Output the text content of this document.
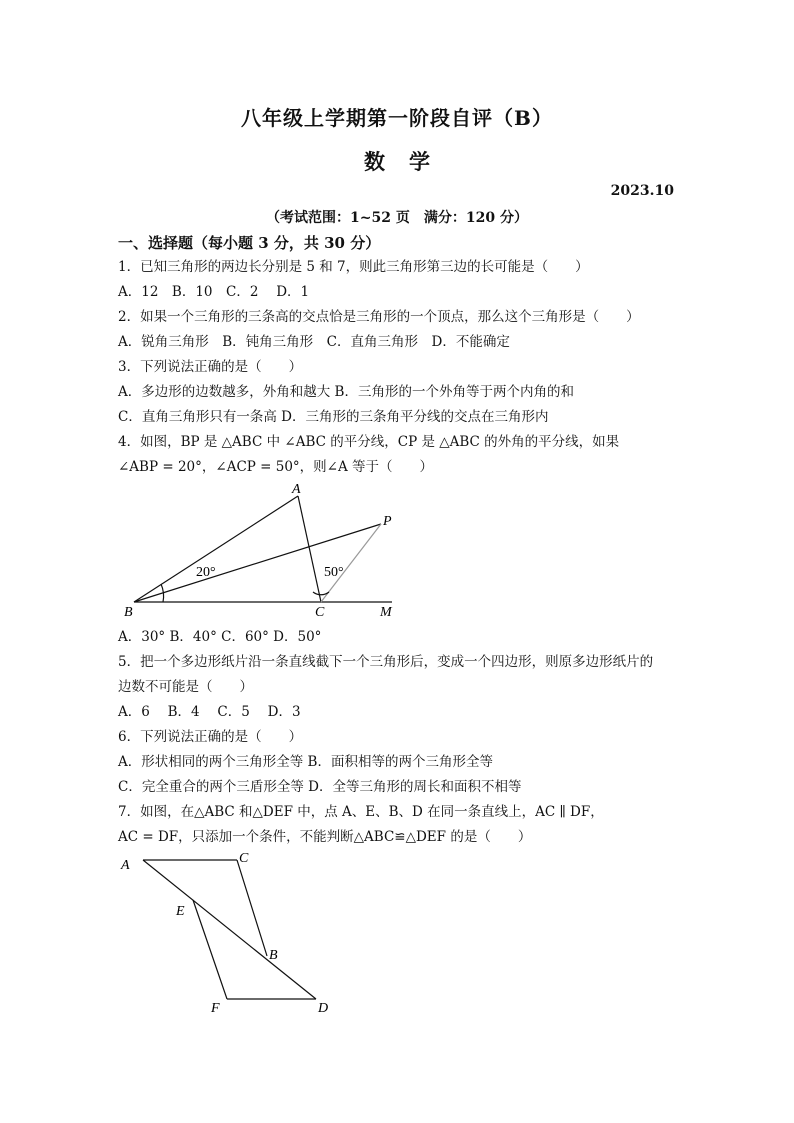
八年级上学期第一阶段自评（B）
数学
2023.10
（考试范围：1~52 页　满分：120 分）
一、选择题（每小题 3 分，共 30 分）
1．已知三角形的两边长分别是 5 和 7，则此三角形第三边的长可能是（　　）
A．12　B．10　C．2　 D．1
2．如果一个三角形的三条高的交点恰是三角形的一个顶点，那么这个三角形是（　　）
A．锐角三角形　B．钝角三角形　C．直角三角形　D．不能确定
3．下列说法正确的是（　　）
A．多边形的边数越多，外角和越大 B．三角形的一个外角等于两个内角的和
C．直角三角形只有一条高 D．三角形的三条角平分线的交点在三角形内
4．如图，BP 是 △ABC 中 ∠ABC 的平分线，CP 是 △ABC 的外角的平分线，如果
∠ABP = 20°，∠ACP = 50°，则∠A 等于（　　）
A
B	C
P
M
20°	50°
A．30° B．40° C．60° D．50°
5．把一个多边形纸片沿一条直线截下一个三角形后，变成一个四边形，则原多边形纸片的
边数不可能是（　　）
A．6　 B．4　 C．5　 D．3
6．下列说法正确的是（　　）
A．形状相同的两个三角形全等 B．面积相等的两个三角形全等
C．完全重合的两个三盾形全等 D．全等三角形的周长和面积不相等
7．如图，在△ABC 和△DEF 中，点 A、E、B、D 在同一条直线上，AC ∥ DF，
AC = DF，只添加一个条件，不能判断△ABC≌△DEF 的是（　　）
A	C
E
B
F	D
